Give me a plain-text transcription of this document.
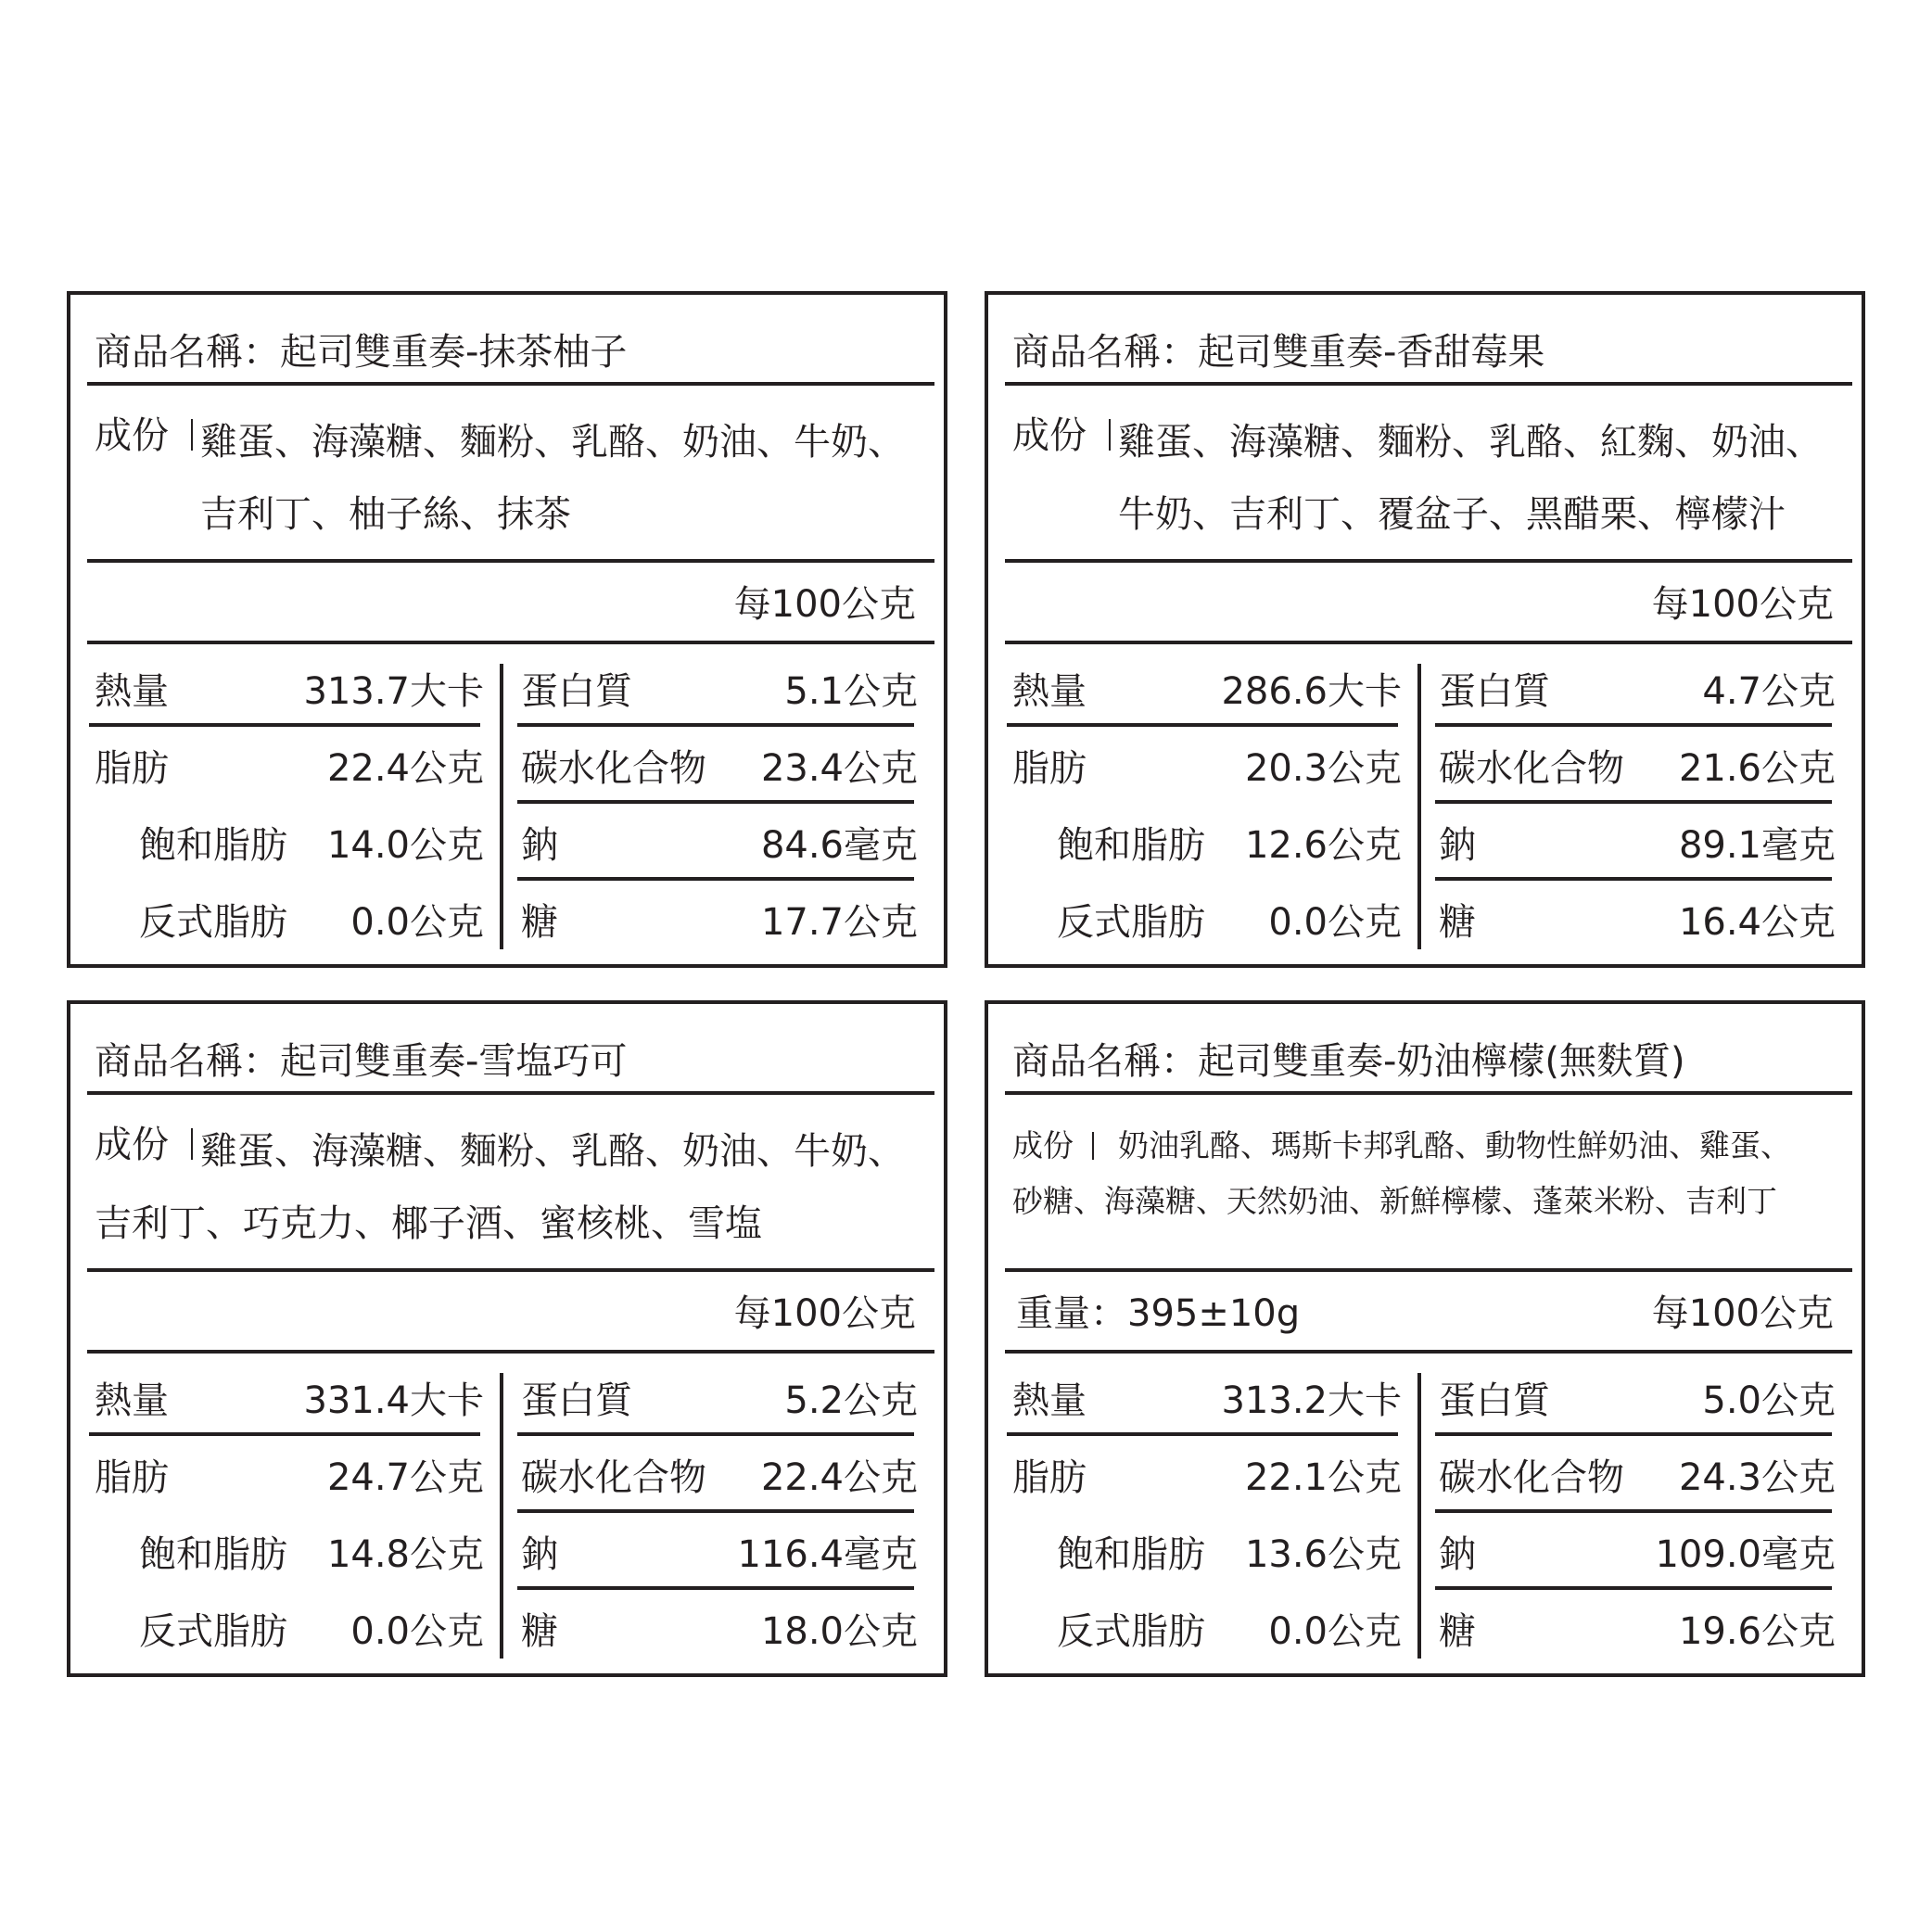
商品名稱：起司雙重奏-抹茶柚子
成份 雞蛋、海藻糖、麵粉、乳酪、奶油、牛奶、
吉利丁、柚子絲、抹茶
每100公克
熱量	313.7大卡 蛋白質	5.1公克
脂肪	22.4公克 碳水化合物 23.4公克
飽和脂肪 14.0公克 鈉	84.6毫克
反式脂肪 0.0公克 糖	17.7公克
商品名稱：起司雙重奏-香甜莓果
成份 雞蛋、海藻糖、麵粉、乳酪、紅麴、奶油、
牛奶、吉利丁、覆盆子、黑醋栗、檸檬汁
每100公克
熱量	286.6大卡 蛋白質	4.7公克
脂肪	20.3公克 碳水化合物 21.6公克
飽和脂肪 12.6公克 鈉	89.1毫克
反式脂肪 0.0公克 糖	16.4公克
商品名稱：起司雙重奏-雪塩巧可
成份 雞蛋、海藻糖、麵粉、乳酪、奶油、牛奶、
吉利丁、巧克力、椰子酒、蜜核桃、雪塩
每100公克
熱量	331.4大卡 蛋白質	5.2公克
脂肪	24.7公克 碳水化合物 22.4公克
飽和脂肪 14.8公克 鈉	116.4毫克
反式脂肪 0.0公克 糖	18.0公克
商品名稱：起司雙重奏-奶油檸檬(無麩質)
成份 奶油乳酪、瑪斯卡邦乳酪、動物性鮮奶油、雞蛋、
砂糖、海藻糖、天然奶油、新鮮檸檬、蓬萊米粉、吉利丁
重量：395±10g	每100公克
熱量	313.2大卡 蛋白質	5.0公克
脂肪	22.1公克 碳水化合物 24.3公克
飽和脂肪 13.6公克 鈉	109.0毫克
反式脂肪 0.0公克 糖	19.6公克
